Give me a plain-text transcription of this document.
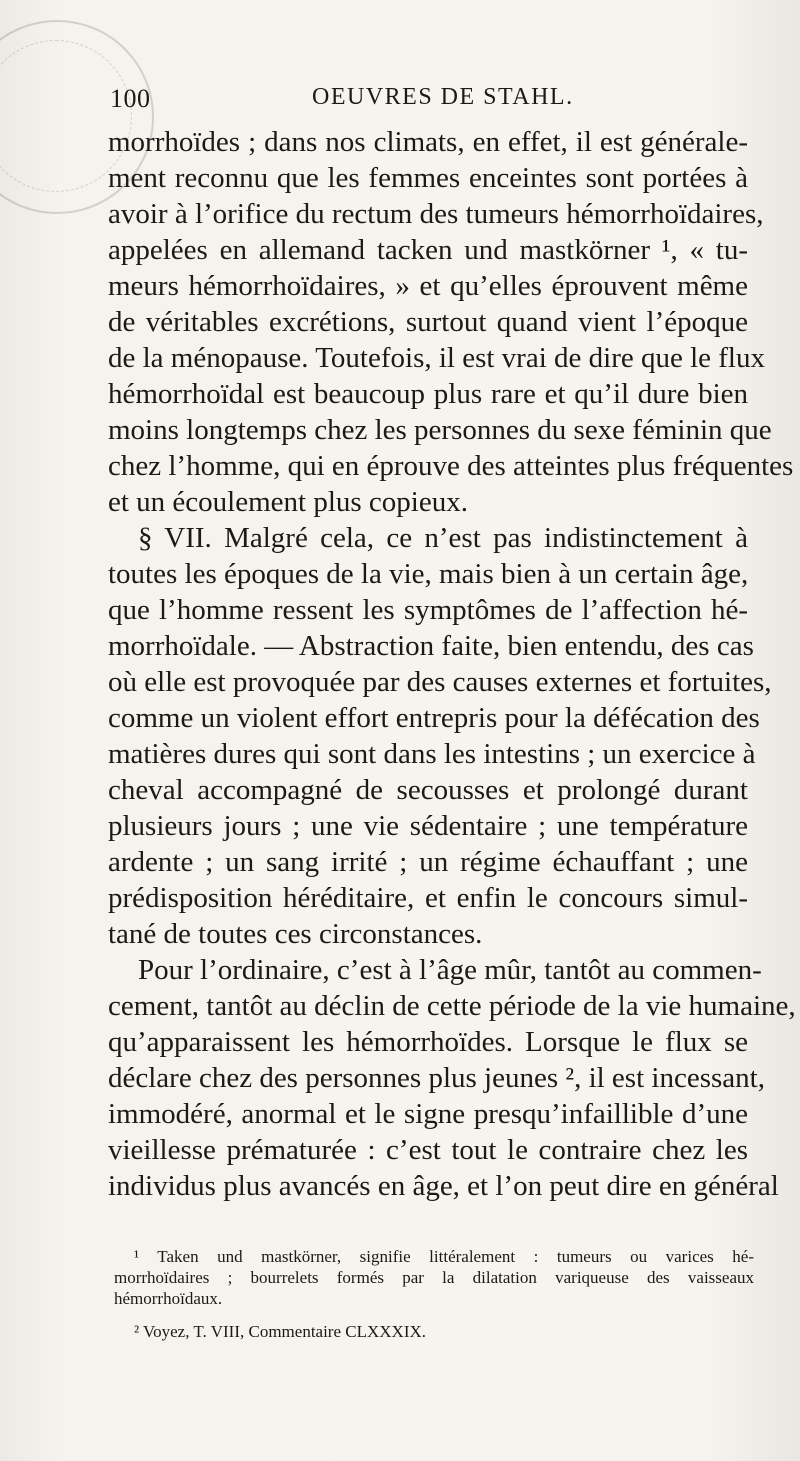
100	OEUVRES DE STAHL.
morrhoïdes ; dans nos climats, en effet, il est générale-
ment reconnu que les femmes enceintes sont portées à
avoir à l’orifice du rectum des tumeurs hémorrhoïdaires,
appelées en allemand tacken und mastkörner ¹, « tu-
meurs hémorrhoïdaires, » et qu’elles éprouvent même
de véritables excrétions, surtout quand vient l’époque
de la ménopause. Toutefois, il est vrai de dire que le flux
hémorrhoïdal est beaucoup plus rare et qu’il dure bien
moins longtemps chez les personnes du sexe féminin que
chez l’homme, qui en éprouve des atteintes plus fréquentes
et un écoulement plus copieux.
§ VII. Malgré cela, ce n’est pas indistinctement à
toutes les époques de la vie, mais bien à un certain âge,
que l’homme ressent les symptômes de l’affection hé-
morrhoïdale. — Abstraction faite, bien entendu, des cas
où elle est provoquée par des causes externes et fortuites,
comme un violent effort entrepris pour la défécation des
matières dures qui sont dans les intestins ; un exercice à
cheval accompagné de secousses et prolongé durant
plusieurs jours ; une vie sédentaire ; une température
ardente ; un sang irrité ; un régime échauffant ; une
prédisposition héréditaire, et enfin le concours simul-
tané de toutes ces circonstances.
Pour l’ordinaire, c’est à l’âge mûr, tantôt au commen-
cement, tantôt au déclin de cette période de la vie humaine,
qu’apparaissent les hémorrhoïdes. Lorsque le flux se
déclare chez des personnes plus jeunes ², il est incessant,
immodéré, anormal et le signe presqu’infaillible d’une
vieillesse prématurée : c’est tout le contraire chez les
individus plus avancés en âge, et l’on peut dire en général
¹ Taken und mastkörner, signifie littéralement : tumeurs ou varices hé-
morrhoïdaires ; bourrelets formés par la dilatation variqueuse des vaisseaux
hémorrhoïdaux.
² Voyez, T. VIII, Commentaire CLXXXIX.
